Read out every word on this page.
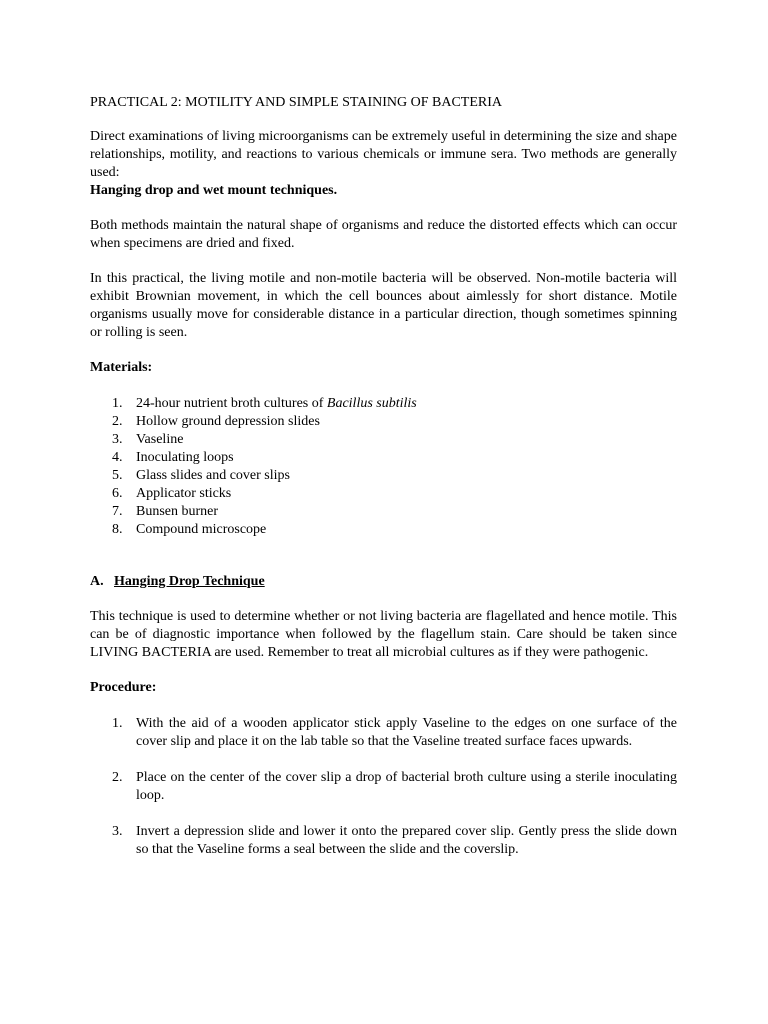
PRACTICAL 2: MOTILITY AND SIMPLE STAINING OF BACTERIA

Direct examinations of living microorganisms can be extremely useful in determining the size and shape relationships, motility, and reactions to various chemicals or immune sera. Two methods are generally used:

Hanging drop and wet mount techniques.

Both methods maintain the natural shape of organisms and reduce the distorted effects which can occur when specimens are dried and fixed.

In this practical, the living motile and non-motile bacteria will be observed. Non-motile bacteria will exhibit Brownian movement, in which the cell bounces about aimlessly for short distance. Motile organisms usually move for considerable distance in a particular direction, though sometimes spinning or rolling is seen.

Materials:

1. 24-hour nutrient broth cultures of Bacillus subtilis
2. Hollow ground depression slides
3. Vaseline
4. Inoculating loops
5. Glass slides and cover slips
6. Applicator sticks
7. Bunsen burner
8. Compound microscope

A. Hanging Drop Technique

This technique is used to determine whether or not living bacteria are flagellated and hence motile. This can be of diagnostic importance when followed by the flagellum stain. Care should be taken since LIVING BACTERIA are used. Remember to treat all microbial cultures as if they were pathogenic.

Procedure:

1. With the aid of a wooden applicator stick apply Vaseline to the edges on one surface of the cover slip and place it on the lab table so that the Vaseline treated surface faces upwards.
2. Place on the center of the cover slip a drop of bacterial broth culture using a sterile inoculating loop.
3. Invert a depression slide and lower it onto the prepared cover slip. Gently press the slide down so that the Vaseline forms a seal between the slide and the coverslip.
